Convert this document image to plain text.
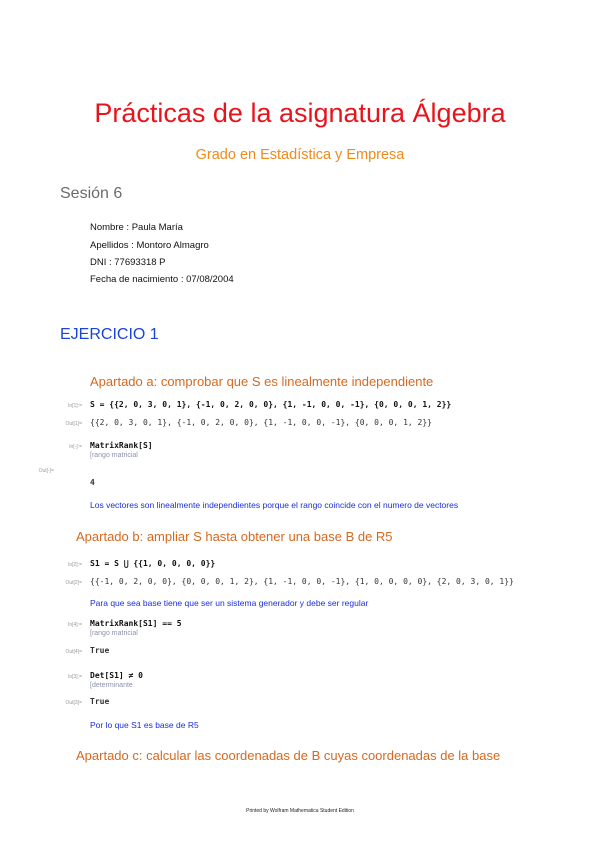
Prácticas de la asignatura Álgebra
Grado en Estadística y Empresa
Sesión 6
Nombre : Paula María
Apellidos : Montoro Almagro
DNI : 77693318 P
Fecha de nacimiento : 07/08/2004
EJERCICIO 1
Apartado a: comprobar que S es linealmente independiente
In[1]:= S = {{2, 0, 3, 0, 1}, {-1, 0, 2, 0, 0}, {1, -1, 0, 0, -1}, {0, 0, 0, 1, 2}}
Out[1]= {{2, 0, 3, 0, 1}, {-1, 0, 2, 0, 0}, {1, -1, 0, 0, -1}, {0, 0, 0, 1, 2}}
In[-]:= MatrixRank[S]
[rango matricial
Out[-]=
4
Los vectores son linealmente independientes porque el rango coincide con el numero de vectores
Apartado b: ampliar S hasta obtener una base B de R5
In[2]:= S1 = S ⋃ {{1, 0, 0, 0, 0}}
Out[2]= {{-1, 0, 2, 0, 0}, {0, 0, 0, 1, 2}, {1, -1, 0, 0, -1}, {1, 0, 0, 0, 0}, {2, 0, 3, 0, 1}}
Para que sea base tiene que ser un sistema generador y debe ser regular
In[4]:= MatrixRank[S1] == 5
[rango matricial
Out[4]= True
In[3]:= Det[S1] ≠ 0
[determinante
Out[3]= True
Por lo que S1 es base de R5
Apartado c: calcular las coordenadas de B cuyas coordenadas de la base
Printed by Wolfram Mathematica Student Edition
